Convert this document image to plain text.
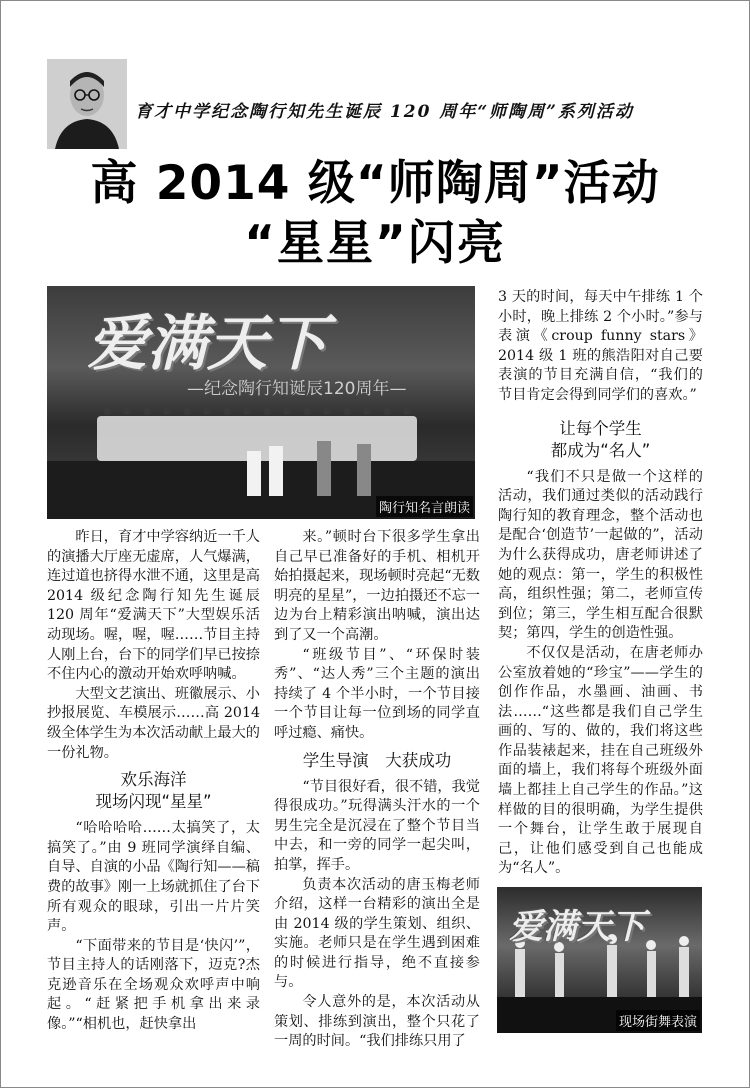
育才中学纪念陶行知先生诞辰 120 周年“师陶周”系列活动
高 2014 级“师陶周”活动
“星星”闪亮
爱满天下
—纪念陶行知诞辰120周年—
陶行知名言朗读

昨日，育才中学容纳近一千人的演播大厅座无虚席，人气爆满，连过道也挤得水泄不通，这里是高 2014 级纪念陶行知先生诞辰 120 周年“爱满天下”大型娱乐活动现场。喔，喔，喔……节目主持人刚上台，台下的同学们早已按捺不住内心的激动开始欢呼呐喊。

大型文艺演出、班徽展示、小抄报展览、车模展示……高 2014 级全体学生为本次活动献上最大的一份礼物。

欢乐海洋
现场闪现“星星”

“哈哈哈哈……太搞笑了，太搞笑了。”由 9 班同学演绎自编、自导、自演的小品《陶行知——稿费的故事》刚一上场就抓住了台下所有观众的眼球，引出一片片笑声。

“下面带来的节目是‘快闪’”，节目主持人的话刚落下，迈克?杰克逊音乐在全场观众欢呼声中响起。“赶紧把手机拿出来录像。”“相机也，赶快拿出

来。”顿时台下很多学生拿出自己早已准备好的手机、相机开始拍摄起来，现场顿时亮起“无数明亮的星星”，一边拍摄还不忘一边为台上精彩演出呐喊，演出达到了又一个高潮。

“班级节目”、“环保时装秀”、“达人秀”三个主题的演出持续了 4 个半小时，一个节目接一个节目让每一位到场的同学直呼过瘾、痛快。

学生导演　大获成功

“节目很好看，很不错，我觉得很成功。”玩得满头汗水的一个男生完全是沉浸在了整个节目当中去，和一旁的同学一起尖叫，拍掌，挥手。

负责本次活动的唐玉梅老师介绍，这样一台精彩的演出全是由 2014 级的学生策划、组织、实施。老师只是在学生遇到困难的时候进行指导，绝不直接参与。

令人意外的是，本次活动从策划、排练到演出，整个只花了一周的时间。“我们排练只用了

3 天的时间，每天中午排练 1 个小时，晚上排练 2 个小时。”参与表演《croup funny stars》2014 级 1 班的熊浩阳对自己要表演的节目充满自信，“我们的节目肯定会得到同学们的喜欢。”

让每个学生
都成为“名人”

“我们不只是做一个这样的活动，我们通过类似的活动践行陶行知的教育理念，整个活动也是配合‘创造节’一起做的”，活动为什么获得成功，唐老师讲述了她的观点：第一，学生的积极性高，组织性强；第二，老师宣传到位；第三，学生相互配合很默契；第四，学生的创造性强。

不仅仅是活动，在唐老师办公室放着她的“珍宝”——学生的创作作品，水墨画、油画、书法……“这些都是我们自己学生画的、写的、做的，我们将这些作品装裱起来，挂在自己班级外面的墙上，我们将每个班级外面墙上都挂上自己学生的作品。”这样做的目的很明确，为学生提供一个舞台，让学生敢于展现自己，让他们感受到自己也能成为“名人”。

爱满天下
现场街舞表演
